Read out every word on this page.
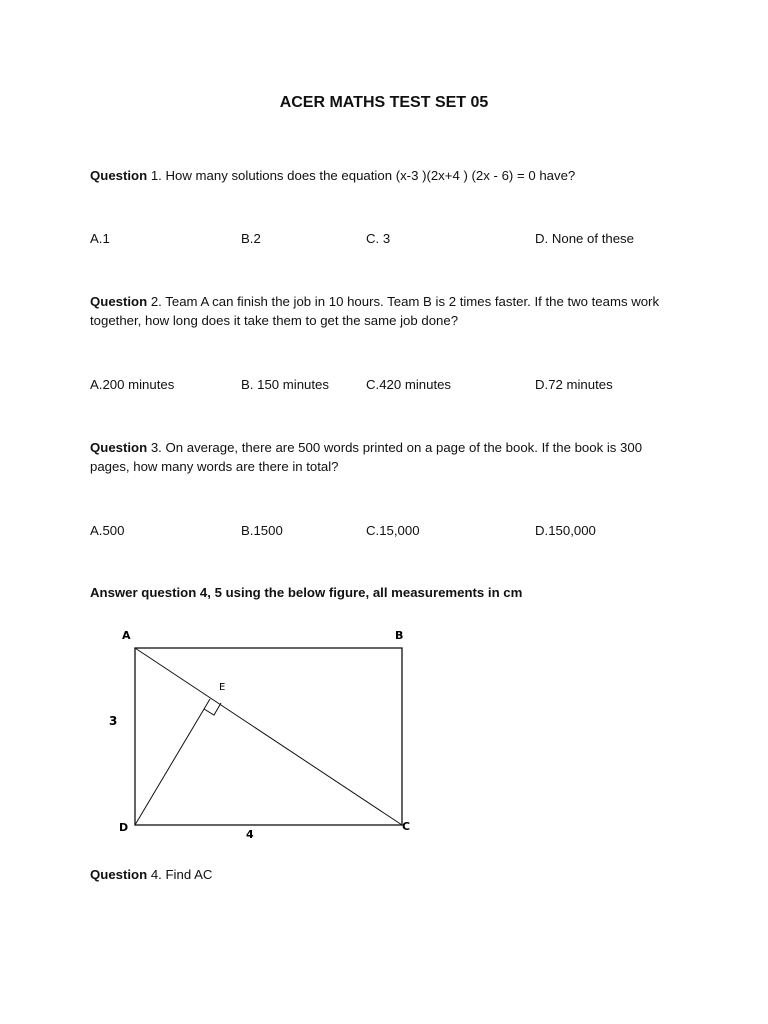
ACER MATHS TEST SET 05
Question 1. How many solutions does the equation (x-3 )(2x+4 ) (2x - 6) = 0 have?
A.1	B.2	C. 3	D. None of these
Question 2. Team A can finish the job in 10 hours. Team B is 2 times faster. If the two teams work together, how long does it take them to get the same job done?
A.200 minutes	B. 150 minutes	C.420 minutes	D.72 minutes
Question 3. On average, there are 500 words printed on a page of the book. If the book is 300 pages, how many words are there in total?
A.500	B.1500	C.15,000	D.150,000
Answer question 4, 5 using the below figure, all measurements in cm
A	B
C
D
E
3
4
Question 4. Find AC
